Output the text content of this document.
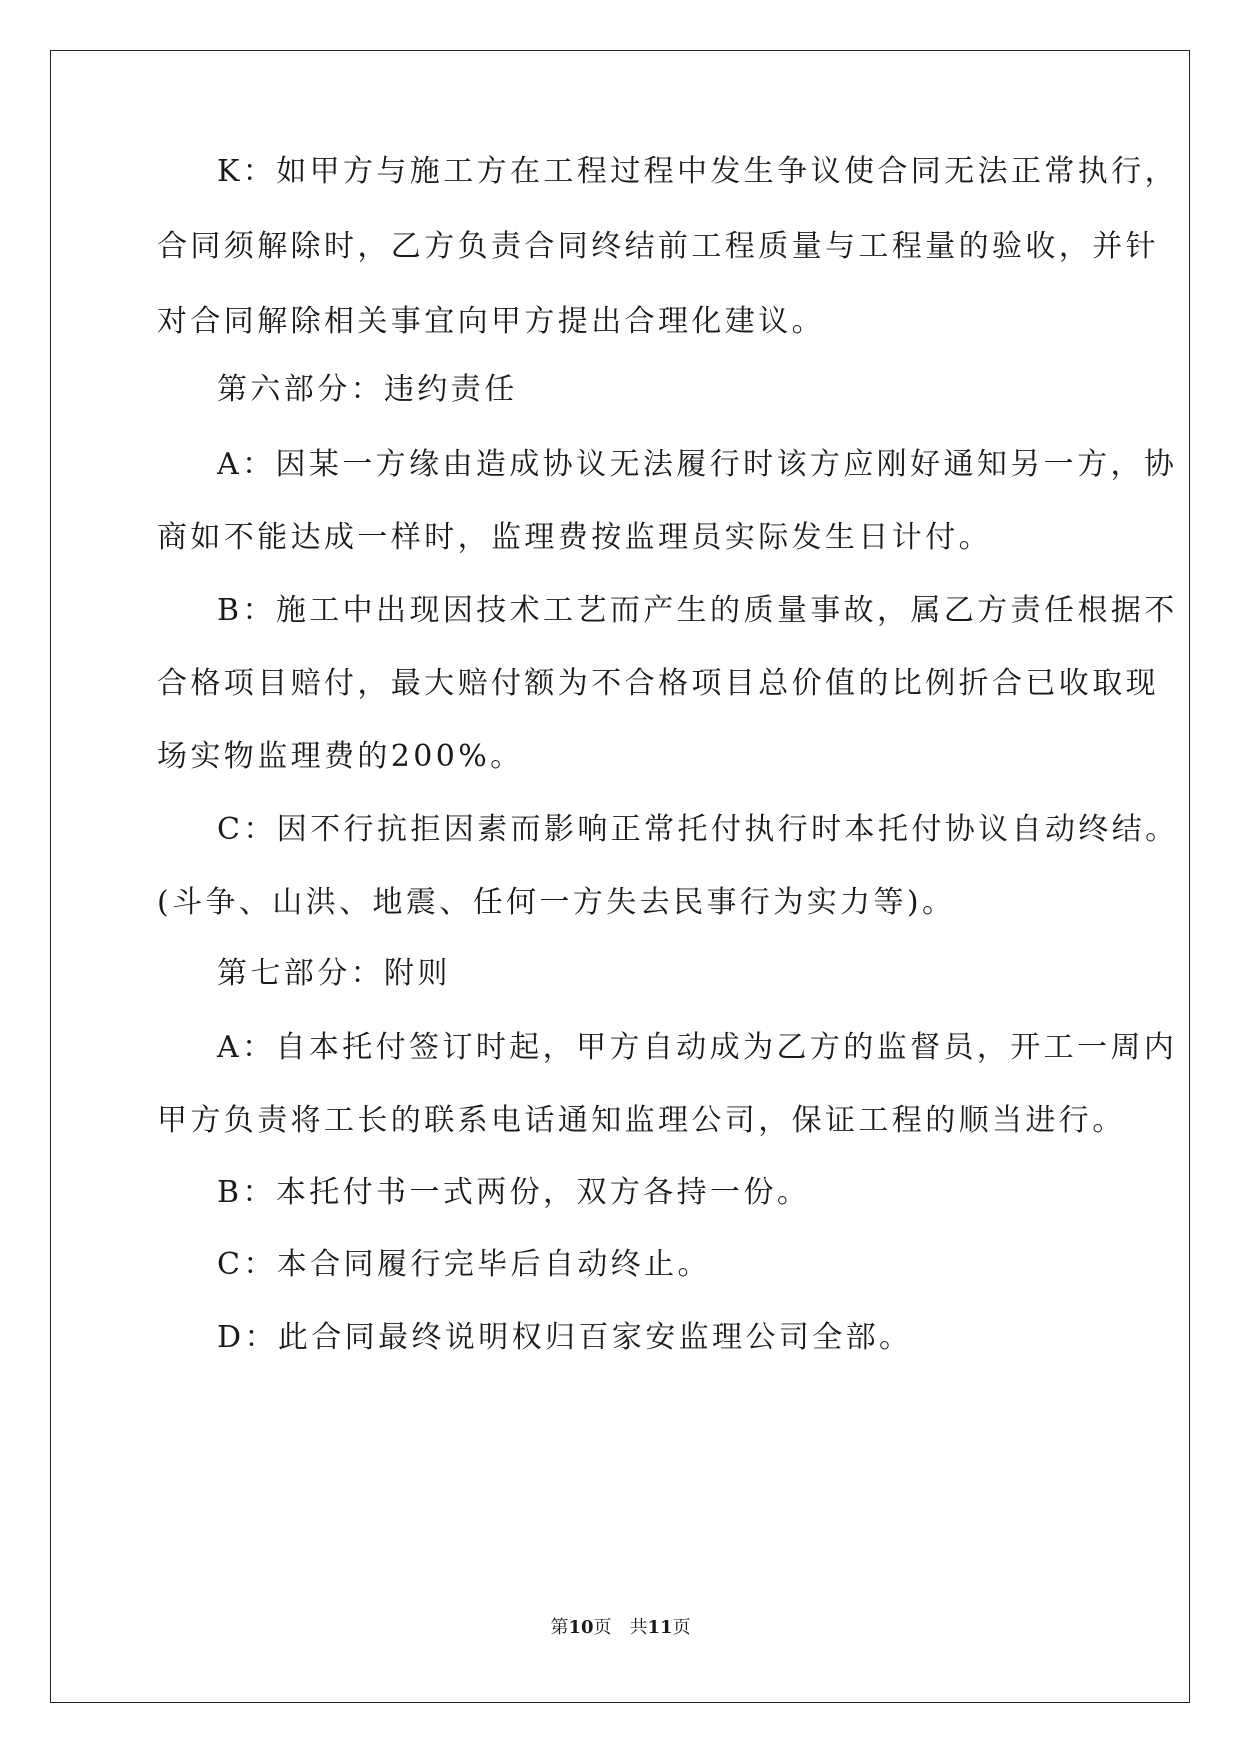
K：如甲方与施工方在工程过程中发生争议使合同无法正常执行，
合同须解除时，乙方负责合同终结前工程质量与工程量的验收，并针
对合同解除相关事宜向甲方提出合理化建议。
第六部分：违约责任
A：因某一方缘由造成协议无法履行时该方应刚好通知另一方，协
商如不能达成一样时，监理费按监理员实际发生日计付。
B：施工中出现因技术工艺而产生的质量事故，属乙方责任根据不
合格项目赔付，最大赔付额为不合格项目总价值的比例折合已收取现
场实物监理费的200%。
C：因不行抗拒因素而影响正常托付执行时本托付协议自动终结。
(斗争、山洪、地震、任何一方失去民事行为实力等)。
第七部分：附则
A：自本托付签订时起，甲方自动成为乙方的监督员，开工一周内
甲方负责将工长的联系电话通知监理公司，保证工程的顺当进行。
B：本托付书一式两份，双方各持一份。
C：本合同履行完毕后自动终止。
D：此合同最终说明权归百家安监理公司全部。
第10页 共11页
